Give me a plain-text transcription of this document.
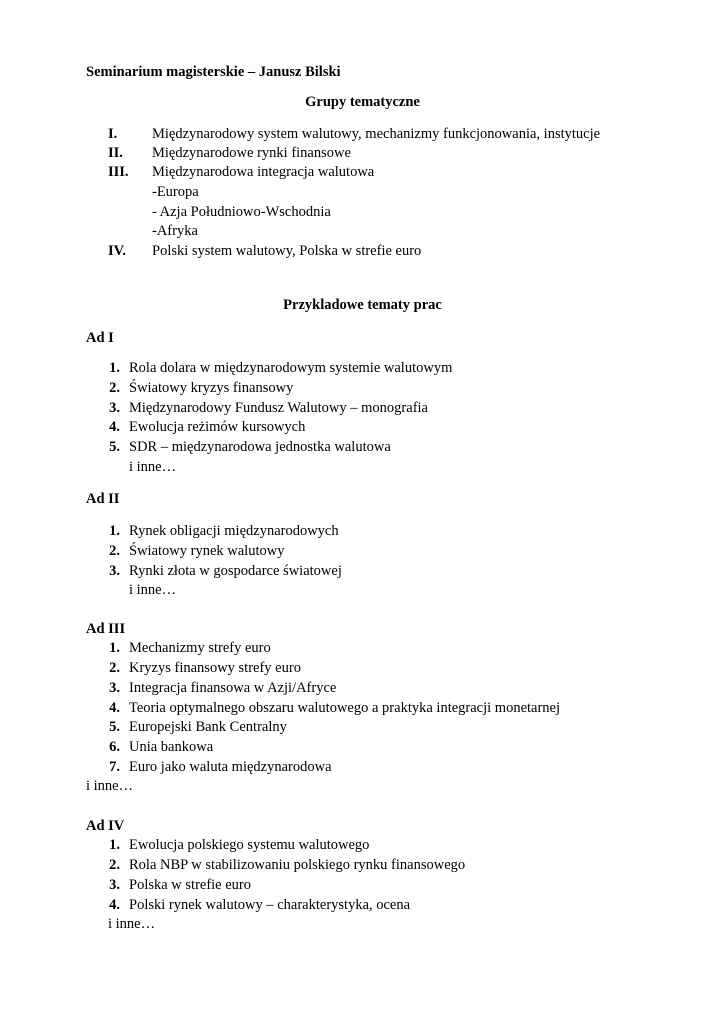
Seminarium magisterskie – Janusz Bilski
Grupy tematyczne
I. Międzynarodowy system walutowy, mechanizmy funkcjonowania, instytucje
II. Międzynarodowe rynki finansowe
III. Międzynarodowa integracja walutowa
-Europa
- Azja Południowo-Wschodnia
-Afryka
IV. Polski system walutowy, Polska w strefie euro
Przykladowe tematy prac
Ad I
1. Rola dolara w międzynarodowym systemie walutowym
2. Światowy kryzys finansowy
3. Międzynarodowy Fundusz Walutowy – monografia
4. Ewolucja reżimów kursowych
5. SDR – międzynarodowa jednostka walutowa
i inne…
Ad II
1. Rynek obligacji międzynarodowych
2. Światowy rynek walutowy
3. Rynki złota w gospodarce światowej
i inne…
Ad III
1. Mechanizmy strefy euro
2. Kryzys finansowy strefy euro
3. Integracja finansowa w Azji/Afryce
4. Teoria optymalnego obszaru walutowego a praktyka integracji monetarnej
5. Europejski Bank Centralny
6. Unia bankowa
7. Euro jako waluta międzynarodowa
i inne…
Ad IV
1. Ewolucja polskiego systemu walutowego
2. Rola NBP w stabilizowaniu polskiego rynku finansowego
3. Polska w strefie euro
4. Polski rynek walutowy – charakterystyka, ocena
i inne…
